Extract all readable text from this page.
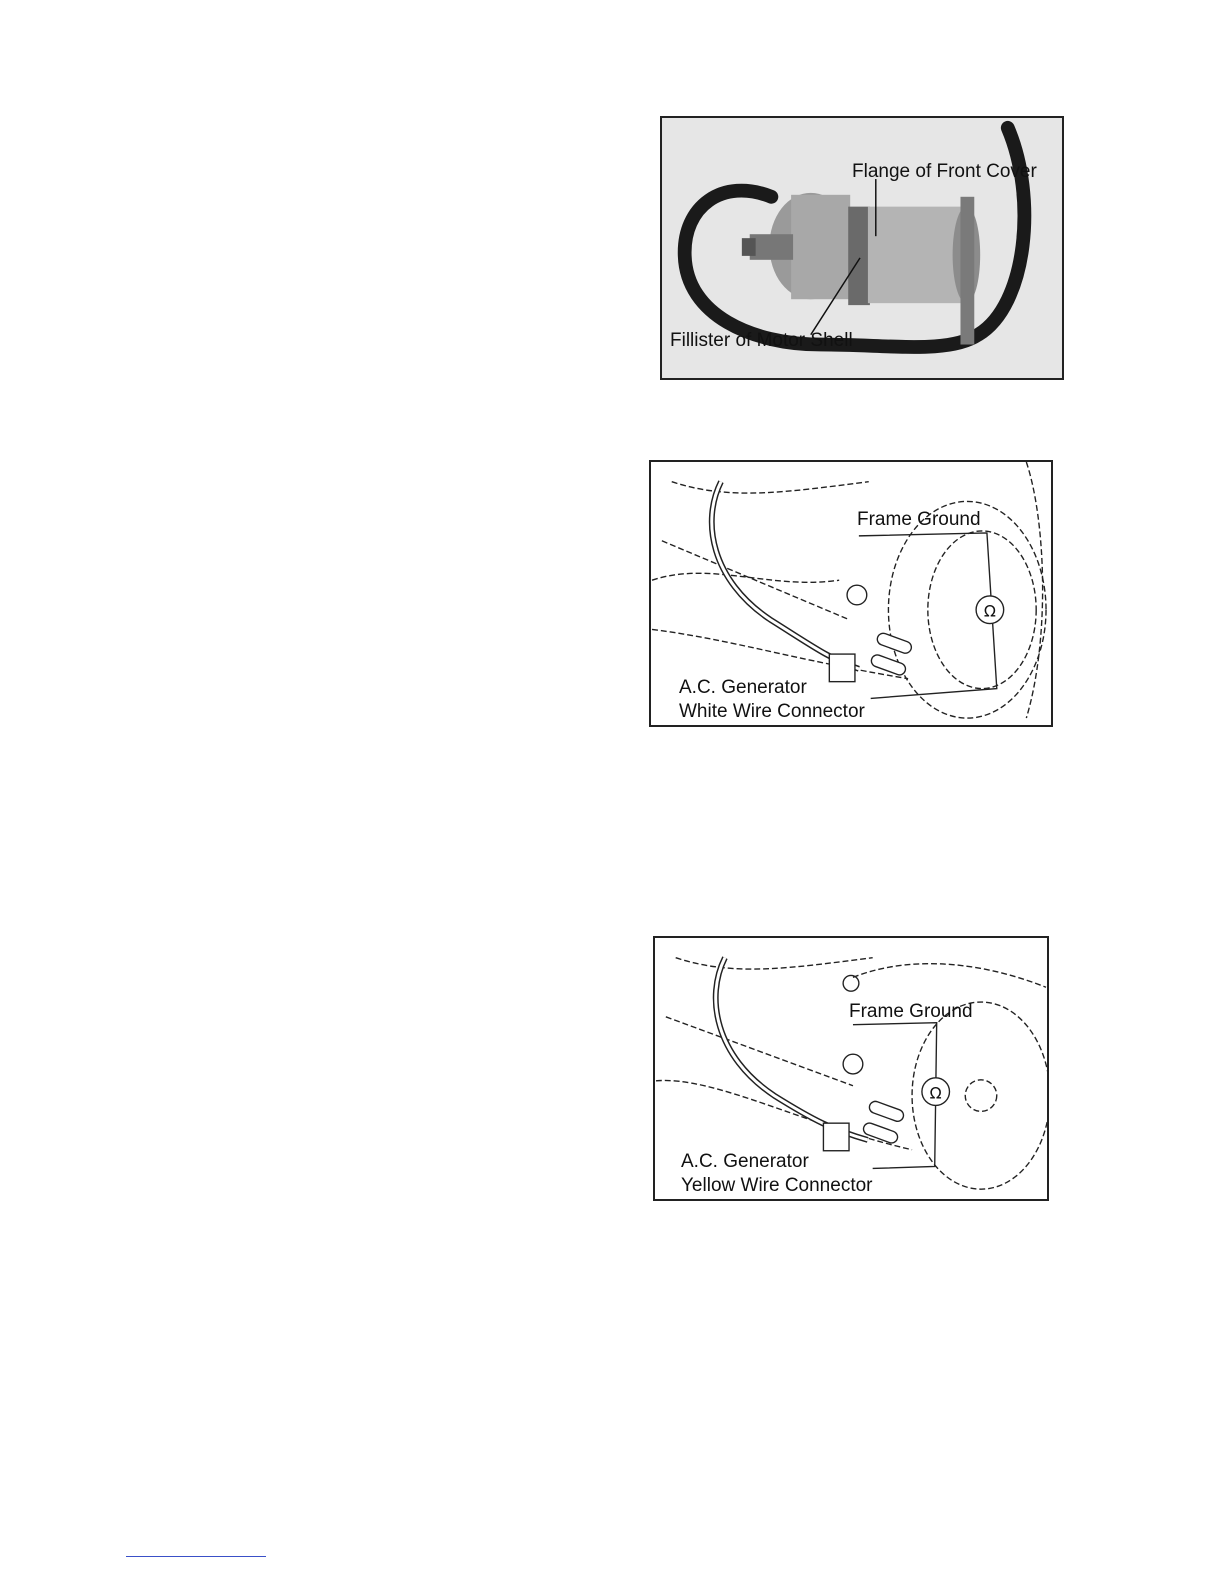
Flange of Front Cover
Fillister of Motor Shell
Ω
Frame Ground
A.C. Generator
White Wire Connector
Ω
Frame Ground
A.C. Generator
Yellow Wire Connector
